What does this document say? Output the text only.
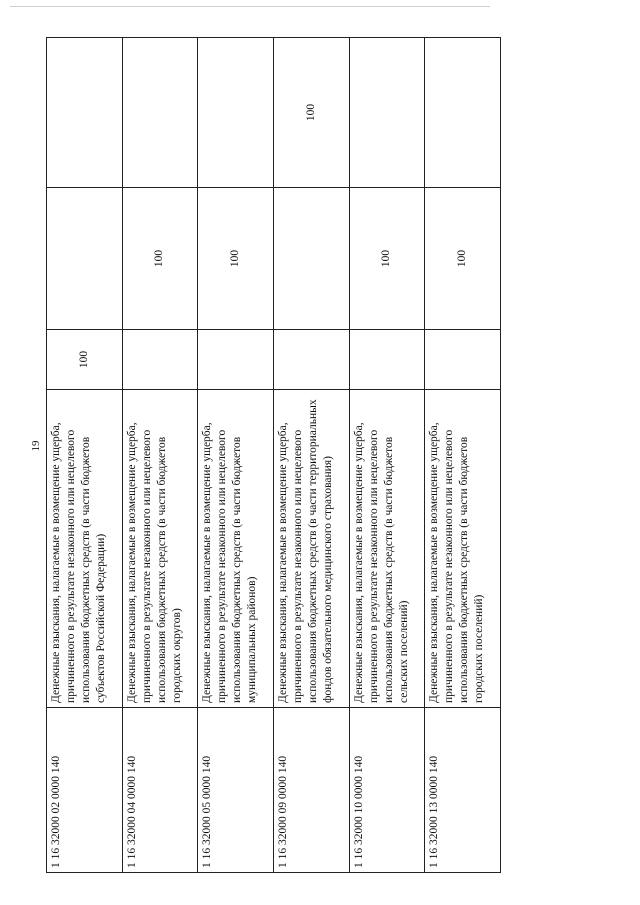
19
1 16 32000 02 0000 140	Денежные взыскания, налагаемые в возмещение ущерба, причиненного в результате незаконного или нецелевого использования бюджетных средств (в части бюджетов субъектов Российской Федерации)	100		
1 16 32000 04 0000 140	Денежные взыскания, налагаемые в возмещение ущерба, причиненного в результате незаконного или нецелевого использования бюджетных средств (в части бюджетов городских округов)		100	
1 16 32000 05 0000 140	Денежные взыскания, налагаемые в возмещение ущерба, причиненного в результате незаконного или нецелевого использования бюджетных средств (в части бюджетов муниципальных районов)		100	
1 16 32000 09 0000 140	Денежные взыскания, налагаемые в возмещение ущерба, причиненного в результате незаконного или нецелевого использования бюджетных средств (в части территориальных фондов обязательного медицинского страхования)			100
1 16 32000 10 0000 140	Денежные взыскания, налагаемые в возмещение ущерба, причиненного в результате незаконного или нецелевого использования бюджетных средств (в части бюджетов сельских поселений)		100	
1 16 32000 13 0000 140	Денежные взыскания, налагаемые в возмещение ущерба, причиненного в результате незаконного или нецелевого использования бюджетных средств (в части бюджетов городских поселений)		100	
